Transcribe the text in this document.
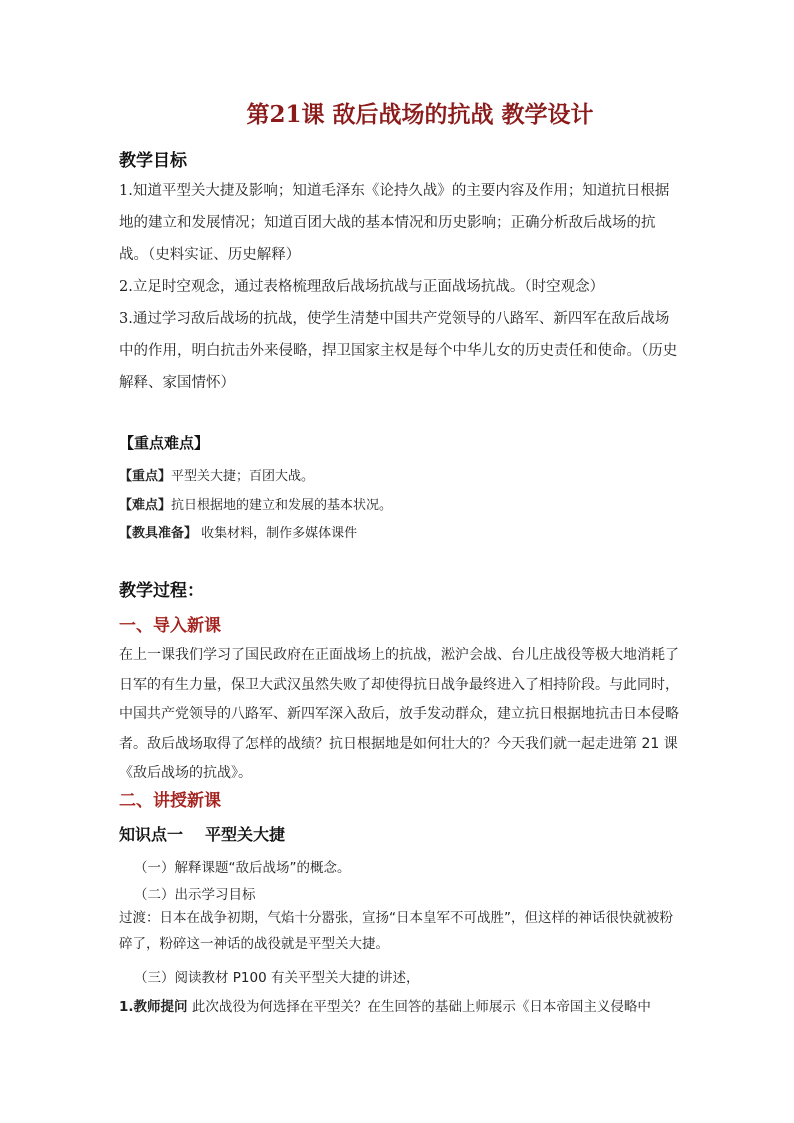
第21课 敌后战场的抗战 教学设计
教学目标
1.知道平型关大捷及影响；知道毛泽东《论持久战》的主要内容及作用；知道抗日根据地的建立和发展情况；知道百团大战的基本情况和历史影响；正确分析敌后战场的抗战。（史料实证、历史解释）
2.立足时空观念，通过表格梳理敌后战场抗战与正面战场抗战。（时空观念）
3.通过学习敌后战场的抗战，使学生清楚中国共产党领导的八路军、新四军在敌后战场中的作用，明白抗击外来侵略，捍卫国家主权是每个中华儿女的历史责任和使命。（历史解释、家国情怀）
【重点难点】
【重点】平型关大捷；百团大战。
【难点】抗日根据地的建立和发展的基本状况。
【教具准备】 收集材料，制作多媒体课件
教学过程：
一、导入新课
在上一课我们学习了国民政府在正面战场上的抗战，淞沪会战、台儿庄战役等极大地消耗了日军的有生力量，保卫大武汉虽然失败了却使得抗日战争最终进入了相持阶段。与此同时，中国共产党领导的八路军、新四军深入敌后，放手发动群众，建立抗日根据地抗击日本侵略者。敌后战场取得了怎样的战绩？抗日根据地是如何壮大的？今天我们就一起走进第 21 课《敌后战场的抗战》。
二、讲授新课
知识点一 平型关大捷
（一）解释课题“敌后战场”的概念。
（二）出示学习目标
过渡：日本在战争初期，气焰十分嚣张，宣扬“日本皇军不可战胜”，但这样的神话很快就被粉碎了，粉碎这一神话的战役就是平型关大捷。
（三）阅读教材 P100 有关平型关大捷的讲述，
1.教师提问 此次战役为何选择在平型关？在生回答的基础上师展示《日本帝国主义侵略中
